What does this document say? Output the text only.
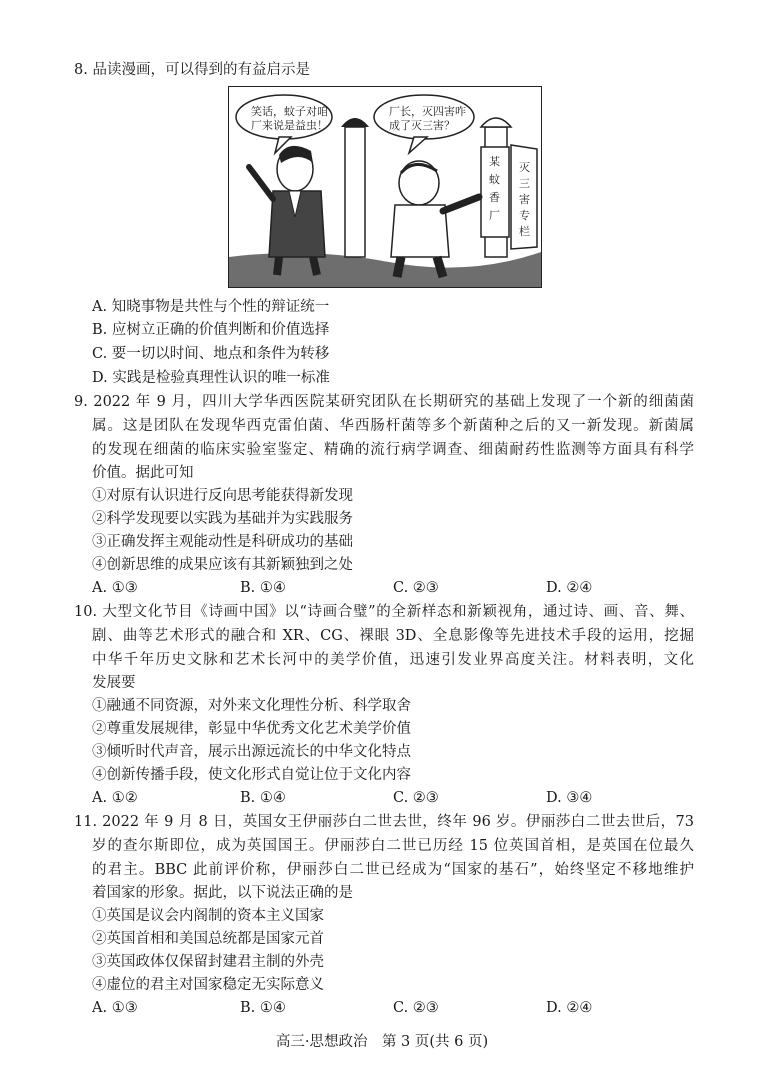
8. 品读漫画，可以得到的有益启示是
笑话，蚊子对咱
厂来说是益虫！
厂长，灭四害咋
成了灭三害？
某
蚊
香
厂
灭
三
害
专
栏
A. 知晓事物是共性与个性的辩证统一
B. 应树立正确的价值判断和价值选择
C. 要一切以时间、地点和条件为转移
D. 实践是检验真理性认识的唯一标准
9. 2022 年 9 月，四川大学华西医院某研究团队在长期研究的基础上发现了一个新的细菌菌
属。这是团队在发现华西克雷伯菌、华西肠杆菌等多个新菌种之后的又一新发现。新菌属
的发现在细菌的临床实验室鉴定、精确的流行病学调查、细菌耐药性监测等方面具有科学
价值。据此可知
①对原有认识进行反向思考能获得新发现
②科学发现要以实践为基础并为实践服务
③正确发挥主观能动性是科研成功的基础
④创新思维的成果应该有其新颖独到之处
A. ①③	B. ①④	C. ②③	D. ②④
10. 大型文化节目《诗画中国》以“诗画合璧”的全新样态和新颖视角，通过诗、画、音、舞、
剧、曲等艺术形式的融合和 XR、CG、裸眼 3D、全息影像等先进技术手段的运用，挖掘
中华千年历史文脉和艺术长河中的美学价值，迅速引发业界高度关注。材料表明，文化
发展要
①融通不同资源，对外来文化理性分析、科学取舍
②尊重发展规律，彰显中华优秀文化艺术美学价值
③倾听时代声音，展示出源远流长的中华文化特点
④创新传播手段，使文化形式自觉让位于文化内容
A. ①②	B. ①④	C. ②③	D. ③④
11. 2022 年 9 月 8 日，英国女王伊丽莎白二世去世，终年 96 岁。伊丽莎白二世去世后，73
岁的查尔斯即位，成为英国国王。伊丽莎白二世已历经 15 位英国首相，是英国在位最久
的君主。BBC 此前评价称，伊丽莎白二世已经成为“国家的基石”，始终坚定不移地维护
着国家的形象。据此，以下说法正确的是
①英国是议会内阁制的资本主义国家
②英国首相和美国总统都是国家元首
③英国政体仅保留封建君主制的外壳
④虚位的君主对国家稳定无实际意义
A. ①③	B. ①④	C. ②③	D. ②④
高三·思想政治　第 3 页(共 6 页)
